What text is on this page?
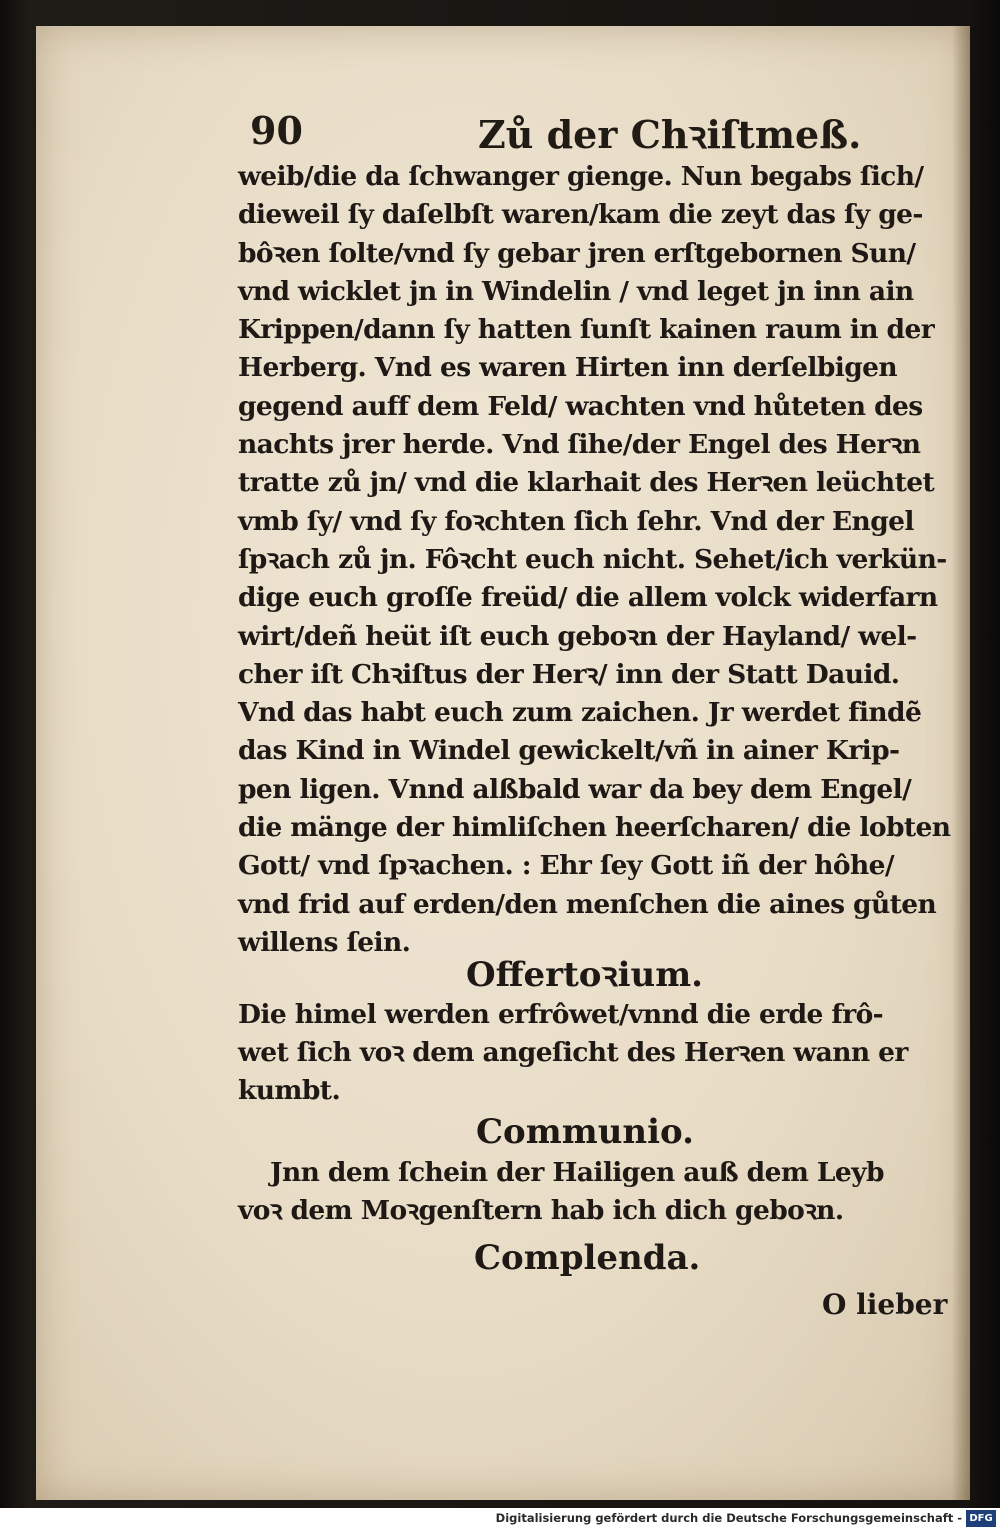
90	Zů der Chꝛiſtmeß.
weib/die da ſchwanger gienge. Nun begabs ſich/
dieweil ſy daſelbſt waren/kam die zeyt das ſy ge-
bôꝛen ſolte/vnd ſy gebar jren erſtgebornen Sun/
vnd wicklet jn in Windelin / vnd leget jn inn ain
Krippen/dann ſy hatten ſunſt kainen raum in der
Herberg. Vnd es waren Hirten inn derſelbigen
gegend auff dem Feld/ wachten vnd hůteten des
nachts jrer herde. Vnd ſihe/der Engel des Herꝛn
tratte zů jn/ vnd die klarhait des Herꝛen leüchtet
vmb ſy/ vnd ſy foꝛchten ſich ſehr. Vnd der Engel
ſpꝛach zů jn. Fôꝛcht euch nicht. Sehet/ich verkün-
dige euch groſſe freüd/ die allem volck widerfarn
wirt/deñ heüt iſt euch geboꝛn der Hayland/ wel-
cher iſt Chꝛiſtus der Herꝛ/ inn der Statt Dauid.
Vnd das habt euch zum zaichen. Jr werdet findẽ
das Kind in Windel gewickelt/vñ in ainer Krip-
pen ligen. Vnnd alßbald war da bey dem Engel/
die mänge der himliſchen heerſcharen/ die lobten
Gott/ vnd ſpꝛachen. : Ehr ſey Gott iñ der hôhe/
vnd frid auf erden/den menſchen die aines gůten
willens ſein.
Offertoꝛium.
Die himel werden erfrôwet/vnnd die erde frô-
wet ſich voꝛ dem angeſicht des Herꝛen wann er
kumbt.
Communio.
Jnn dem ſchein der Hailigen auß dem Leyb
voꝛ dem Moꝛgenſtern hab ich dich geboꝛn.
Complenda.
O lieber
Digitalisierung gefördert durch die Deutsche Forschungsgemeinschaft - DFG
